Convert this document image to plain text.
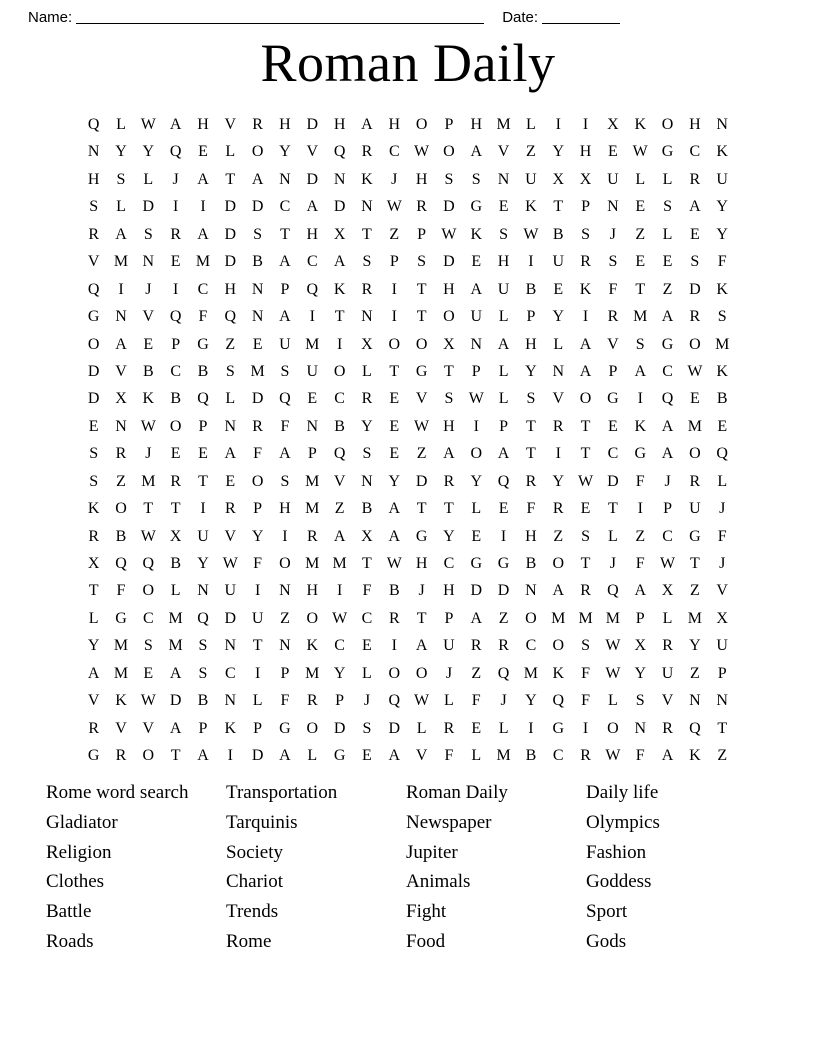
Name:	Date:
Roman Daily
Q	L W A H V	R	H D H A H O	P	H M L	I	I	X K O H N
N Y Y Q	E	L	O Y V Q	R	C W O A V	Z	Y H	E W G	C	K
H	S	L	J	A	T	A N D N K	J	H	S	S	N U X X U	L	L	R	U
S	L	D	I	I	D D	C	A D N W R	D G	E	K	T	P	N	E	S	A Y
R	A	S	R	A D	S	T	H X	T	Z	P W K	S W B	S	J	Z	L	E	Y
V M N	E M D	B	A	C	A	S	P	S	D	E	H	I	U	R	S	E	E	S	F
Q	I	J	I	C	H N	P	Q K	R	I	T	H A U	B	E	K	F	T	Z	D K
G N V Q	F	Q N A	I	T	N	I	T	O U	L	P	Y	I	R M A	R	S
O A	E	P	G	Z	E	U M	I	X O O X N A H	L	A V	S	G O M
D V	B	C	B	S M S	U O	L	T	G	T	P	L	Y N A	P	A	C W K
D X K	B	Q	L	D Q	E	C	R	E	V	S W L	S	V O G	I	Q	E	B
E	N W O	P	N	R	F	N	B	Y	E W H	I	P	T	R	T	E	K A M E
S	R	J	E	E	A	F	A	P	Q	S	E	Z	A O A	T	I	T	C	G A O Q
S	Z M R	T	E	O	S M V N Y D	R	Y Q	R	Y W D	F	J	R	L
K O	T	T	I	R	P	H M Z	B	A	T	T	L	E	F	R	E	T	I	P	U	J
R	B W X U V Y	I	R	A X A G Y	E	I	H	Z	S	L	Z	C	G	F
X Q Q	B	Y W F	O M M T W H	C	G G	B	O	T	J	F W T	J
T	F	O	L	N U	I	N H	I	F	B	J	H D D N A	R	Q A X	Z	V
L	G	C M Q D U	Z	O W C	R	T	P	A	Z	O M M M P	L M X
Y M S M S	N	T	N K	C	E	I	A U	R	R	C	O	S W X	R	Y U
A M E	A	S	C	I	P M Y	L	O O	J	Z	Q M K	F W Y U	Z	P
V K W D	B	N	L	F	R	P	J	Q W L	F	J	Y Q	F	L	S	V N N
R	V V A	P	K	P	G O D	S	D	L	R	E	L	I	G	I	O N	R	Q	T
G	R	O	T	A	I	D A	L	G	E	A V	F	L M B	C	R W F	A K	Z
Rome word search
Gladiator
Religion
Clothes
Battle
Roads
Transportation
Tarquinis
Society
Chariot
Trends
Rome
Roman Daily
Newspaper
Jupiter
Animals
Fight
Food
Daily life
Olympics
Fashion
Goddess
Sport
Gods
